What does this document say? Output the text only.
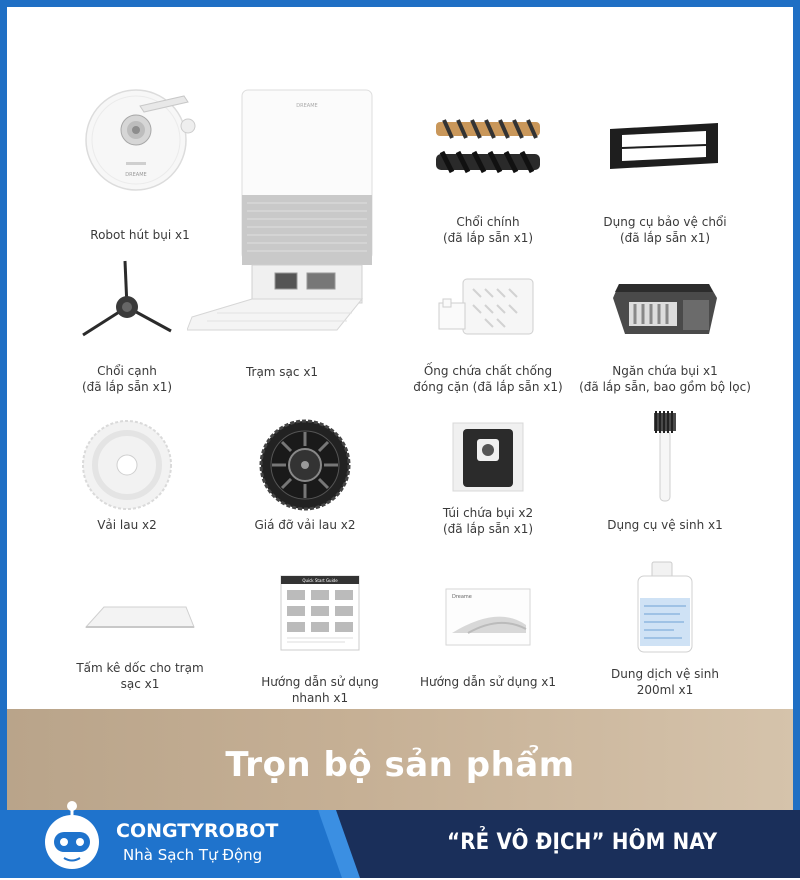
DREAME
Robot hút bụi x1
DREAME
Trạm sạc x1
Chổi chính
(đã lắp sẵn x1)
Dụng cụ bảo vệ chổi
(đã lắp sẵn x1)
Chổi cạnh
(đã lắp sẵn x1)
Ống chứa chất chống
đóng cặn (đã lắp sẵn x1)
Ngăn chứa bụi x1
(đã lắp sẵn, bao gồm bộ lọc)
Vải lau x2	Giá đỡ vải lau x2
Túi chứa bụi x2
(đã lắp sẵn x1)	Dụng cụ vệ sinh x1
Tấm kê dốc cho trạm
sạc x1
Quick Start Guide
Hướng dẫn sử dụng
nhanh x1
Dreame
Hướng dẫn sử dụng x1
Dung dịch vệ sinh
200ml x1
Trọn bộ sản phẩm
CONGTYROBOT
Nhà Sạch Tự Động	“RẺ VÔ ĐỊCH” HÔM NAY
